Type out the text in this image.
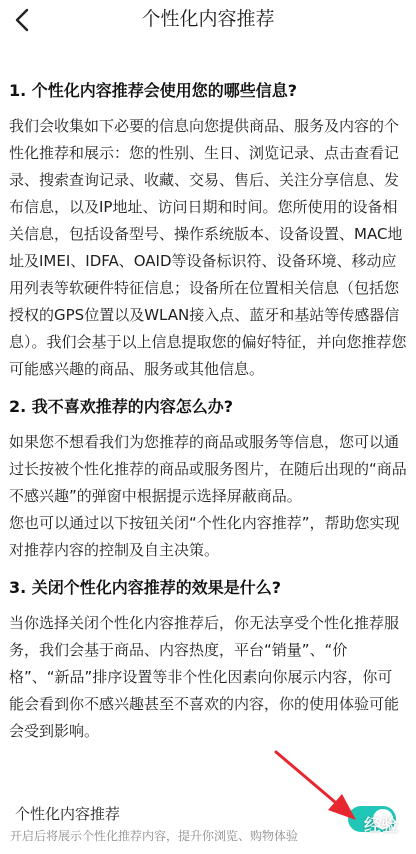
个性化内容推荐

1. 个性化内容推荐会使用您的哪些信息?

我们会收集如下必要的信息向您提供商品、服务及内容的个性化推荐和展示：您的性别、生日、浏览记录、点击查看记录、搜索查询记录、收藏、交易、售后、关注分享信息、发布信息，以及IP地址、访问日期和时间。您所使用的设备相关信息，包括设备型号、操作系统版本、设备设置、MAC地址及IMEI、IDFA、OAID等设备标识符、设备环境、移动应用列表等软硬件特征信息；设备所在位置相关信息（包括您授权的GPS位置以及WLAN接入点、蓝牙和基站等传感器信息）。我们会基于以上信息提取您的偏好特征，并向您推荐您可能感兴趣的商品、服务或其他信息。

2. 我不喜欢推荐的内容怎么办?

如果您不想看我们为您推荐的商品或服务等信息，您可以通过长按被个性化推荐的商品或服务图片，在随后出现的“商品不感兴趣”的弹窗中根据提示选择屏蔽商品。

您也可以通过以下按钮关闭“个性化内容推荐”，帮助您实现对推荐内容的控制及自主决策。

3. 关闭个性化内容推荐的效果是什么?

当你选择关闭个性化内容推荐后，你无法享受个性化推荐服务，我们会基于商品、内容热度，平台“销量”、“价格”、“新品”排序设置等非个性化因素向你展示内容，你可能会看到你不感兴趣甚至不喜欢的内容，你的使用体验可能会受到影响。

个性化内容推荐
开启后将展示个性化推荐内容，提升你浏览、购物体验	经验
